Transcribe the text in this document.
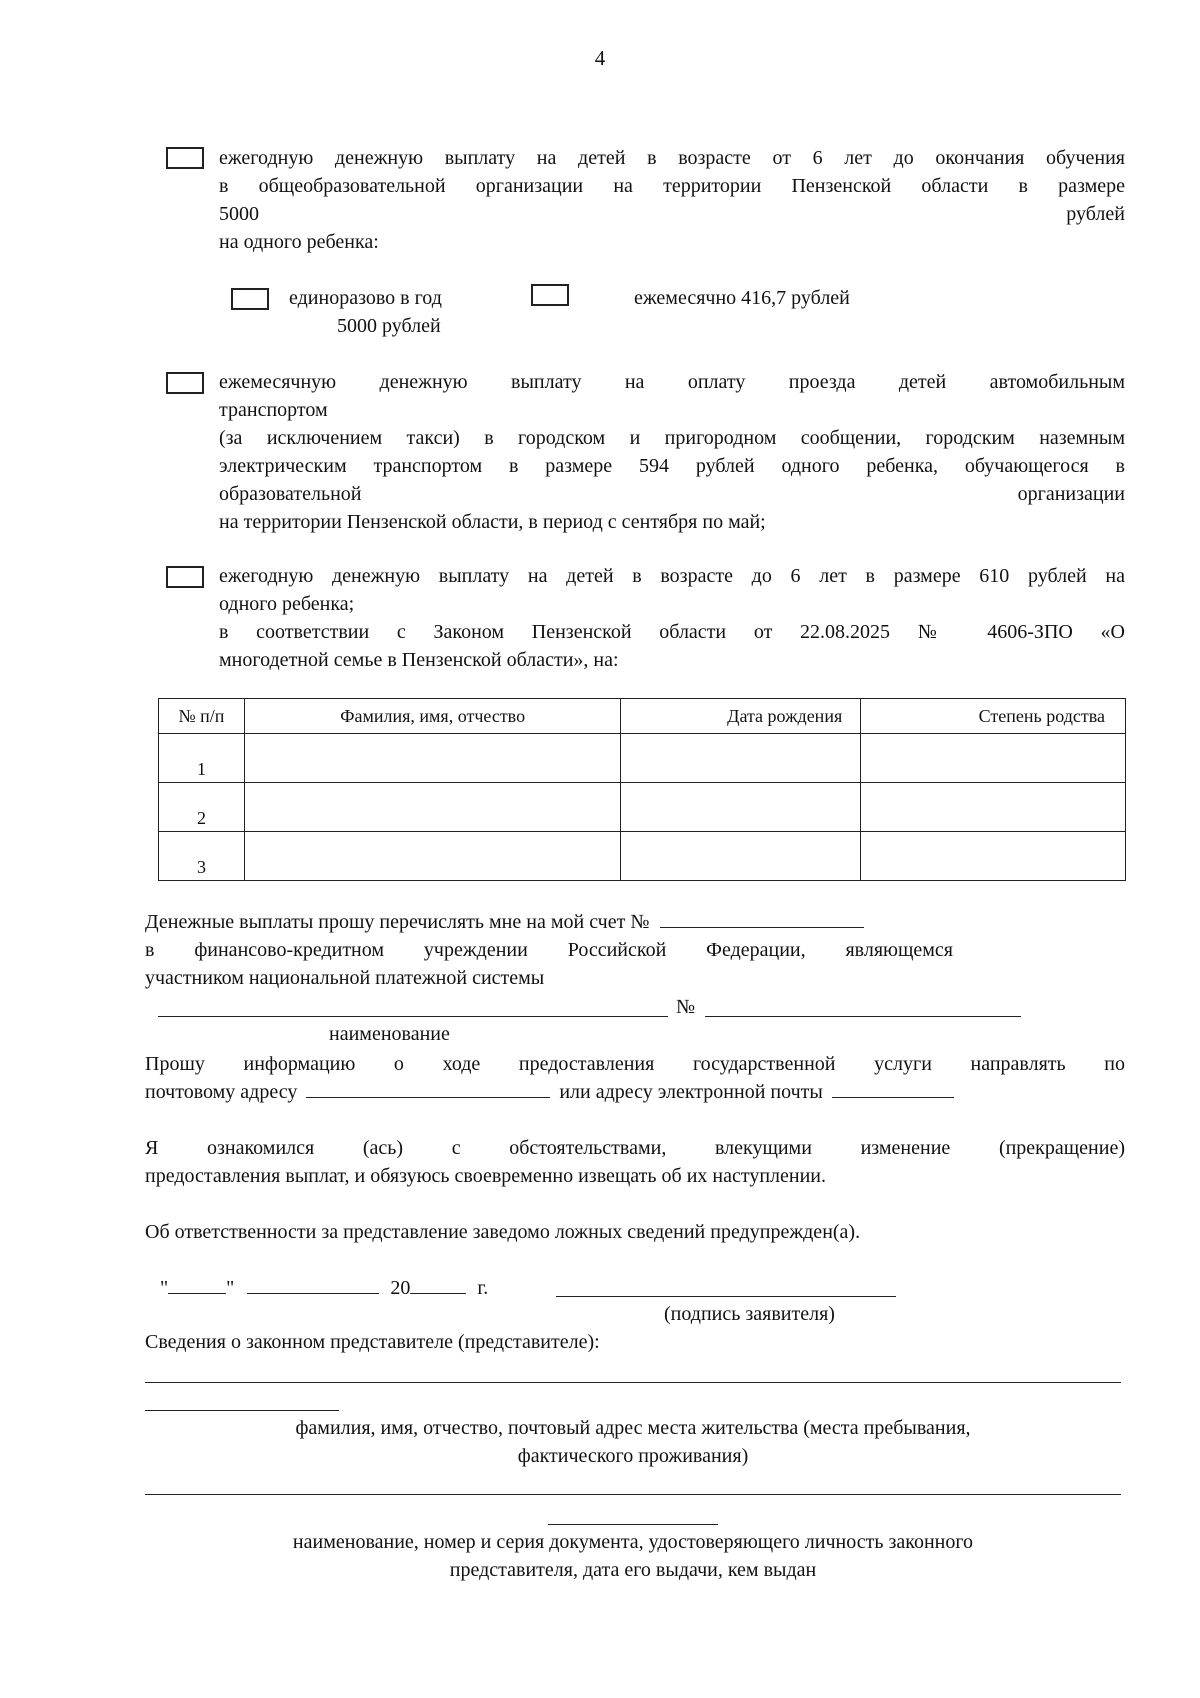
4

ежегодную денежную выплату на детей в возрасте от 6 лет до окончания обучения

в общеобразовательной организации на территории Пензенской области в размере

5000	рублей

на одного ребенка:

единоразово в год
5000 рублей
ежемесячно 416,7 рублей

ежемесячную денежную выплату на оплату проезда детей автомобильным

транспортом

(за исключением такси) в городском и пригородном сообщении, городским наземным

электрическим транспортом в размере 594 рублей одного ребенка, обучающегося в

образовательной	организации

на территории Пензенской области, в период с сентября по май;

ежегодную денежную выплату на детей в возрасте до 6 лет в размере 610 рублей на

одного ребенка;

в соответствии с Законом Пензенской области от 22.08.2025 № 4606-ЗПО «О

многодетной семье в Пензенской области», на:

№ п/п	Фамилия, имя, отчество	Дата рождения	Степень родства
1			
2			
3			
Денежные выплаты прошу перечислять мне на мой счет №
в финансово-кредитном учреждении Российской Федерации, являющемся
участником национальной платежной системы
№
наименование

Прошу информацию о ходе предоставления государственной услуги направлять по

почтовому адресу	или адресу электронной почты

Я ознакомился (ась) с обстоятельствами, влекущими изменение (прекращение)

предоставления выплат, и обязуюсь своевременно извещать об их наступлении.

Об ответственности за представление заведомо ложных сведений предупрежден(а).
"	"	20	г.
(подпись заявителя)
Сведения о законном представителе (представителе):
фамилия, имя, отчество, почтовый адрес места жительства (места пребывания,
фактического проживания)
наименование, номер и серия документа, удостоверяющего личность законного
представителя, дата его выдачи, кем выдан
